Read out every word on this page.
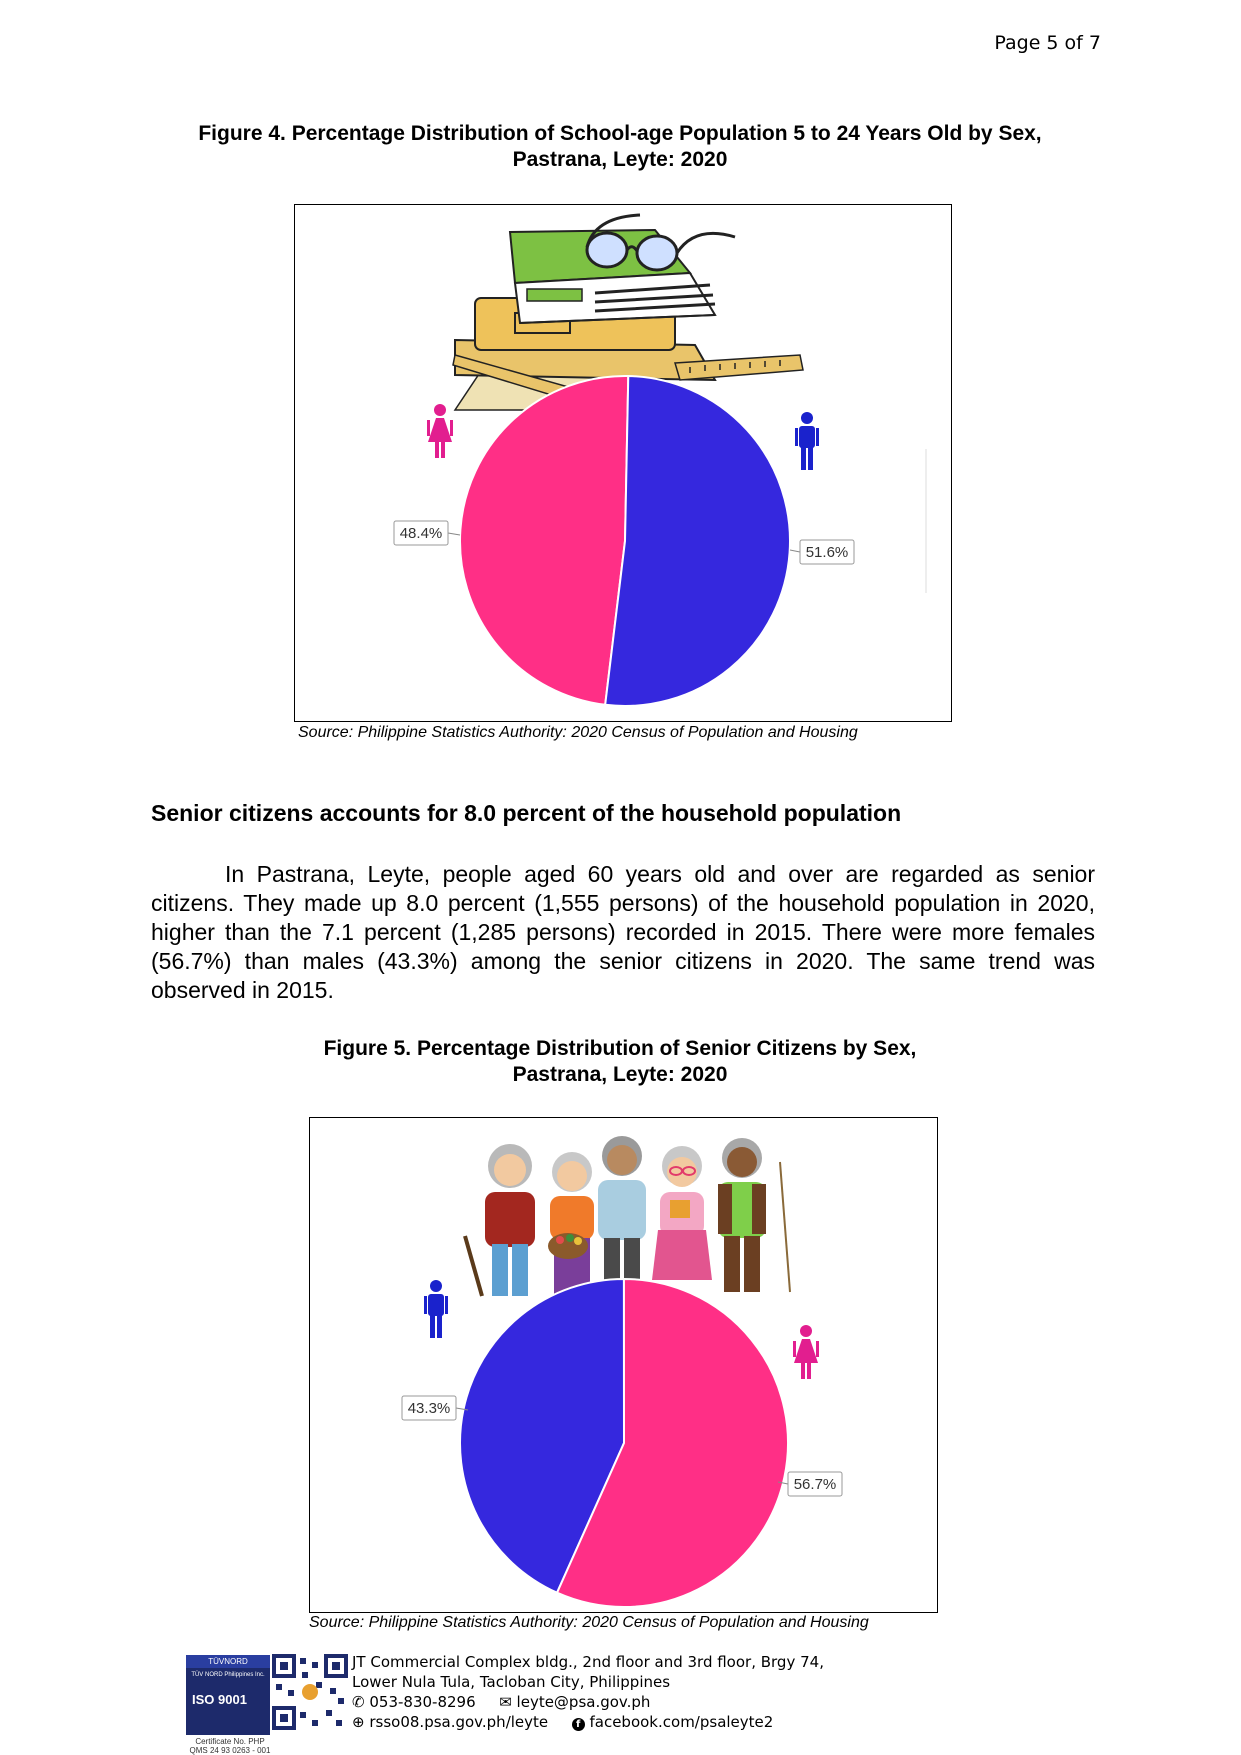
Page 5 of 7
Figure 4. Percentage Distribution of School-age Population 5 to 24 Years Old by Sex,
Pastrana, Leyte: 2020
48.4%
51.6%
Source: Philippine Statistics Authority: 2020 Census of Population and Housing
Senior citizens accounts for 8.0 percent of the household population
In Pastrana, Leyte, people aged 60 years old and over are regarded as senior citizens. They made up 8.0 percent (1,555 persons) of the household population in 2020, higher than the 7.1 percent (1,285 persons) recorded in 2015. There were more females (56.7%) than males (43.3%) among the senior citizens in 2020. The same trend was observed in 2015.
Figure 5. Percentage Distribution of Senior Citizens by Sex,
Pastrana, Leyte: 2020
43.3%
56.7%
Source: Philippine Statistics Authority: 2020 Census of Population and Housing
TÜVNORD
TÜV NORD Philippines Inc.
ISO 9001
Certificate No. PHP
QMS 24 93 0263 - 001
JT Commercial Complex bldg., 2nd floor and 3rd floor, Brgy 74,
Lower Nula Tula, Tacloban City, Philippines
✆ 053-830-8296 ✉ leyte@psa.gov.ph
⊕ rsso08.psa.gov.ph/leyte	f facebook.com/psaleyte2
